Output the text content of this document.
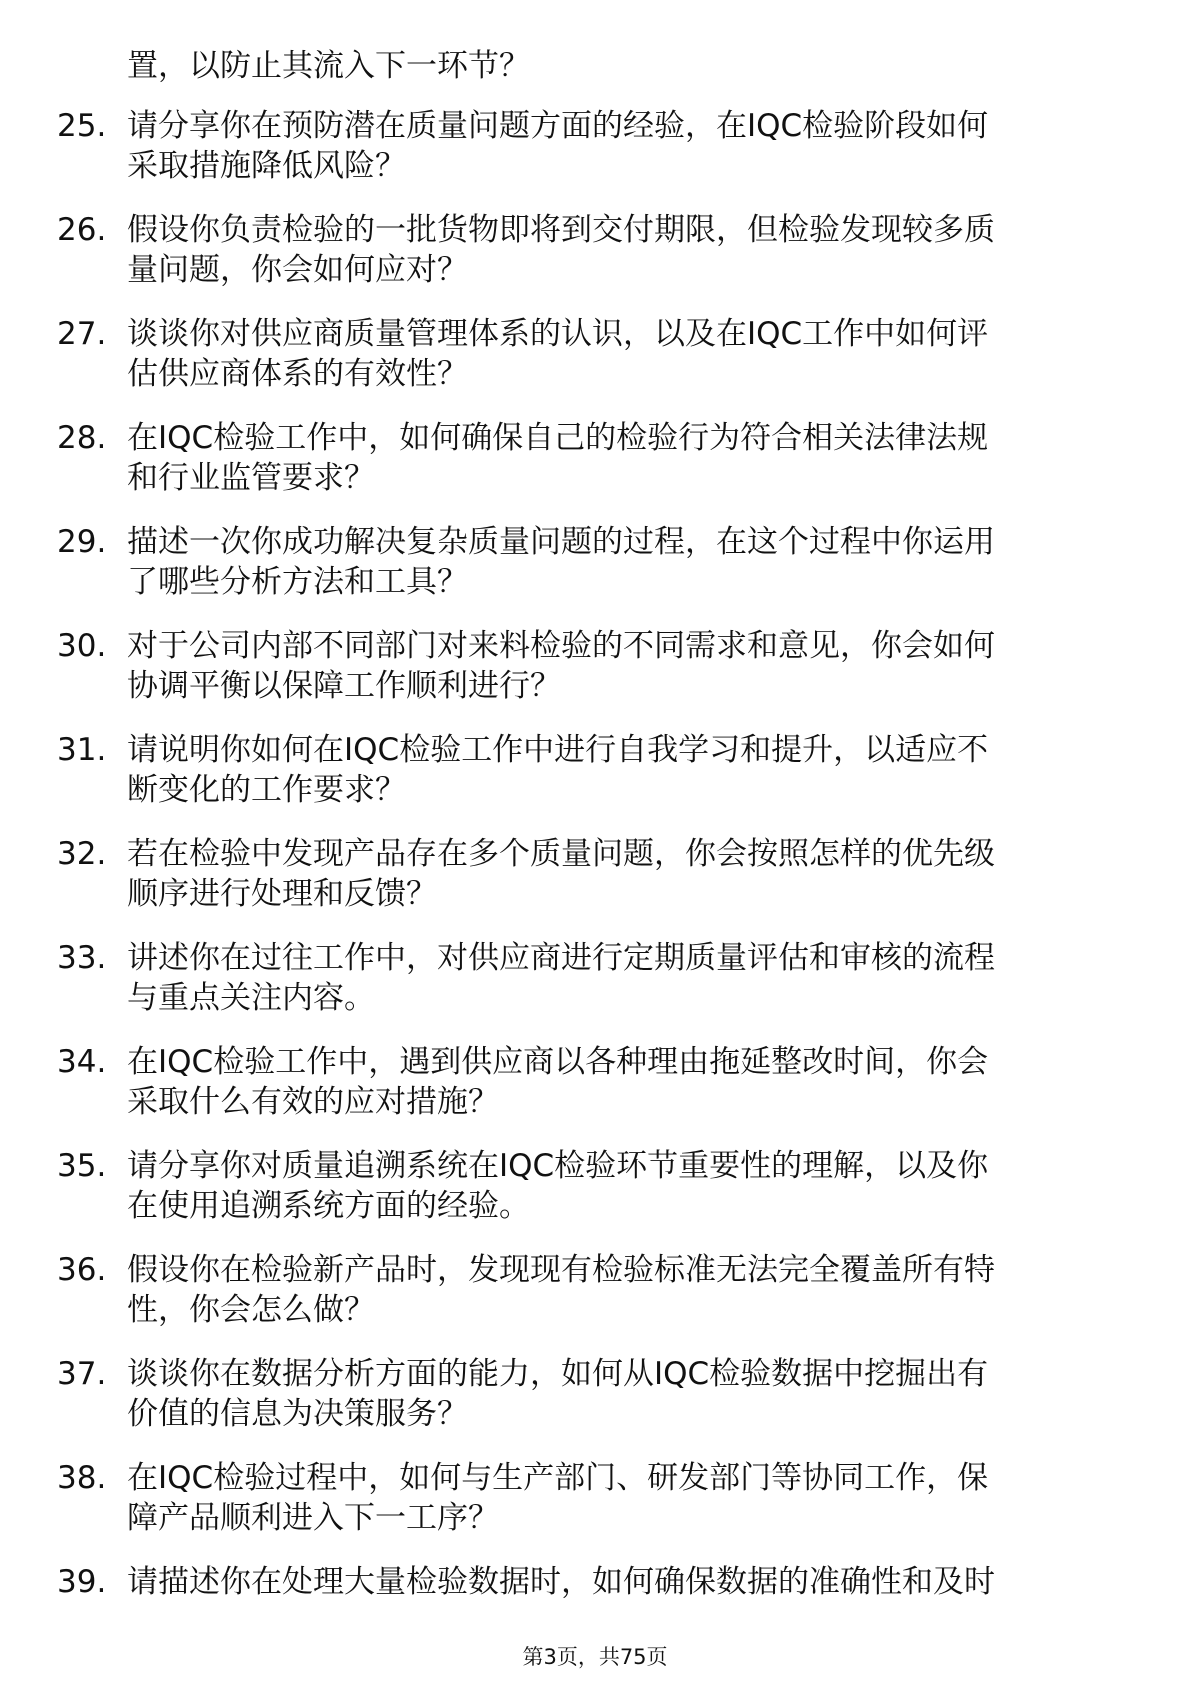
置，以防止其流入下一环节？
25. 请分享你在预防潜在质量问题方面的经验，在IQC检验阶段如何
采取措施降低风险？
26. 假设你负责检验的一批货物即将到交付期限，但检验发现较多质
量问题，你会如何应对？
27. 谈谈你对供应商质量管理体系的认识，以及在IQC工作中如何评
估供应商体系的有效性？
28. 在IQC检验工作中，如何确保自己的检验行为符合相关法律法规
和行业监管要求？
29. 描述一次你成功解决复杂质量问题的过程，在这个过程中你运用
了哪些分析方法和工具？
30. 对于公司内部不同部门对来料检验的不同需求和意见，你会如何
协调平衡以保障工作顺利进行？
31. 请说明你如何在IQC检验工作中进行自我学习和提升，以适应不
断变化的工作要求？
32. 若在检验中发现产品存在多个质量问题，你会按照怎样的优先级
顺序进行处理和反馈？
33. 讲述你在过往工作中，对供应商进行定期质量评估和审核的流程
与重点关注内容。
34. 在IQC检验工作中，遇到供应商以各种理由拖延整改时间，你会
采取什么有效的应对措施？
35. 请分享你对质量追溯系统在IQC检验环节重要性的理解，以及你
在使用追溯系统方面的经验。
36. 假设你在检验新产品时，发现现有检验标准无法完全覆盖所有特
性，你会怎么做？
37. 谈谈你在数据分析方面的能力，如何从IQC检验数据中挖掘出有
价值的信息为决策服务？
38. 在IQC检验过程中，如何与生产部门、研发部门等协同工作，保
障产品顺利进入下一工序？
39. 请描述你在处理大量检验数据时，如何确保数据的准确性和及时
第3页，共75页
